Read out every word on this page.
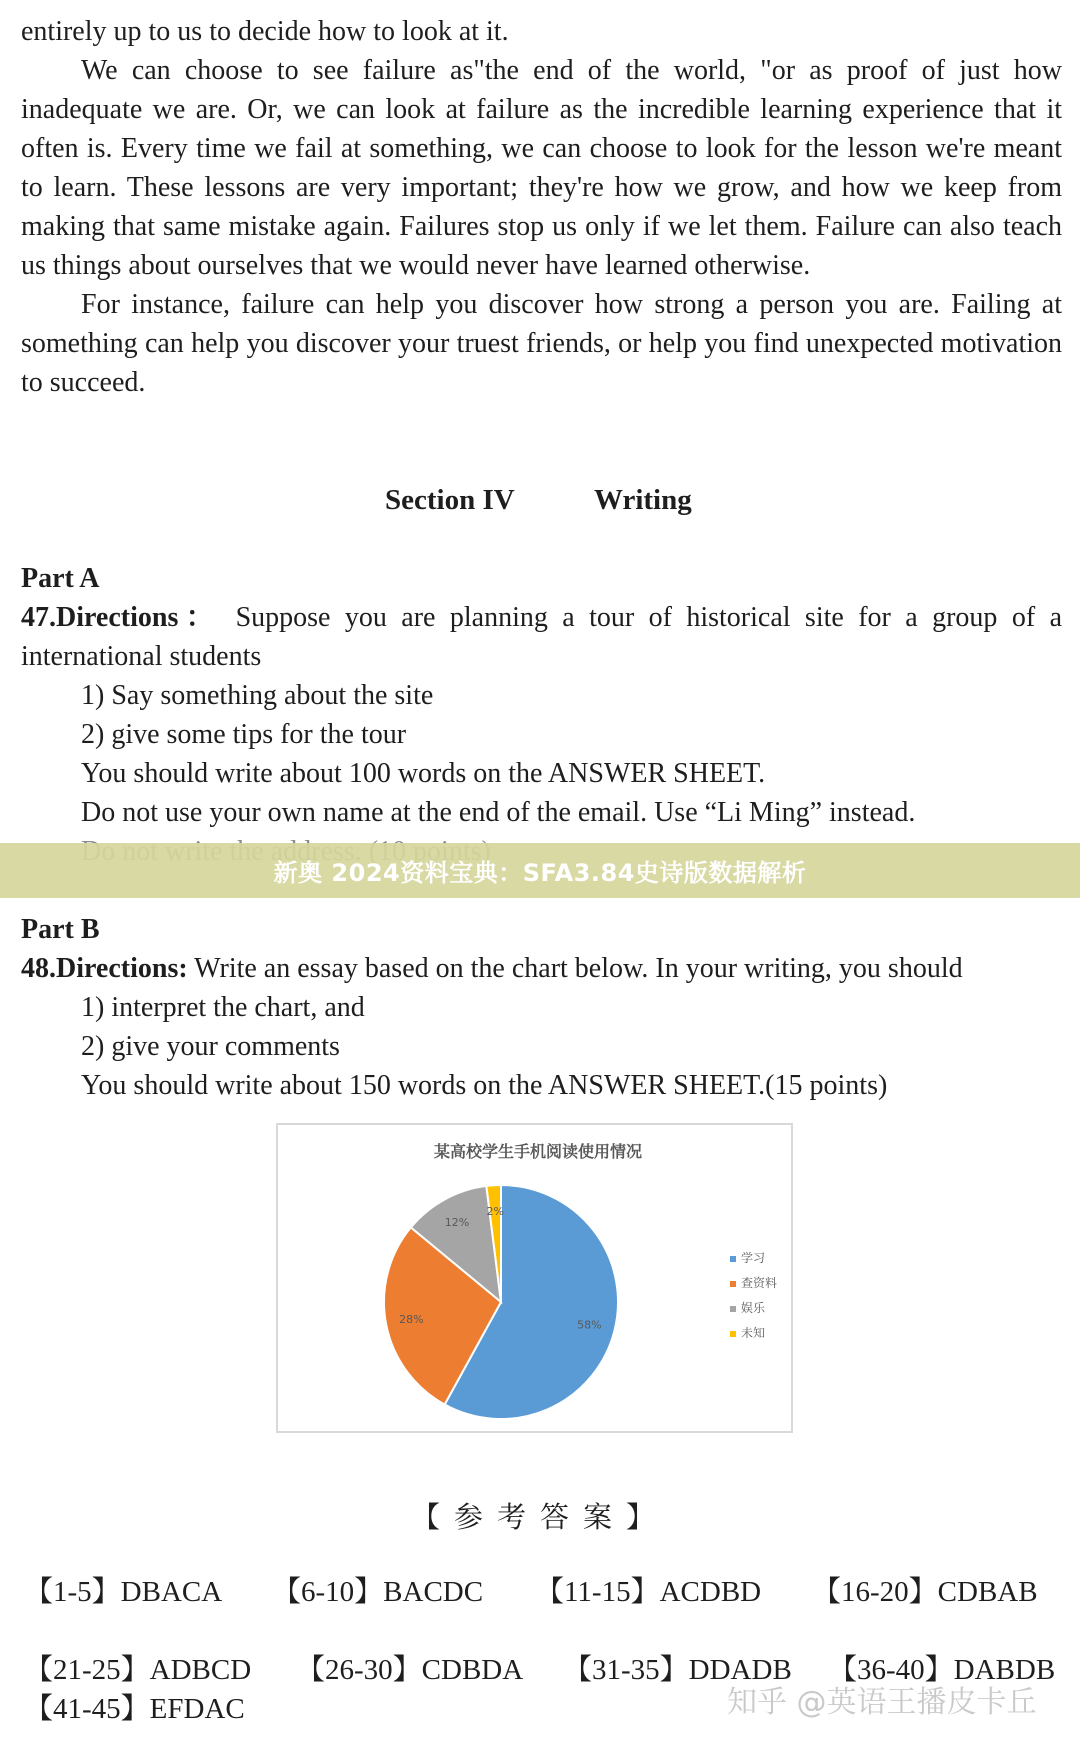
entirely up to us to decide how to look at it.

We can choose to see failure as"the end of the world, "or as proof of just how inadequate we are. Or, we can look at failure as the incredible learning experience that it often is. Every time we fail at something, we can choose to look for the lesson we're meant to learn. These lessons are very important; they're how we grow, and how we keep from making that same mistake again. Failures stop us only if we let them. Failure can also teach us things about ourselves that we would never have learned otherwise.

For instance, failure can help you discover how strong a person you are. Failing at something can help you discover your truest friends, or help you find unexpected motivation to succeed.

Section IV	Writing
Part A

47.Directions： Suppose you are planning a tour of historical site for a group of a international students

1) Say something about the site
2) give some tips for the tour
You should write about 100 words on the ANSWER SHEET.
Do not use your own name at the end of the email. Use “Li Ming” instead.
新奥 2024资料宝典：SFA3.84史诗版数据解析
Part B
48.Directions: Write an essay based on the chart below. In your writing, you should
1) interpret the chart, and
2) give your comments
You should write about 150 words on the ANSWER SHEET.(15 points)
某高校学生手机阅读使用情况
58%
28%
12%
2%
学习
查资料
娱乐
未知
【参考答案】
【1-5】DBACA 【6-10】BACDC 【11-15】ACDBD 【16-20】CDBAB
【21-25】ADBCD 【26-30】CDBDA 【31-35】DDADB 【36-40】DABDB
【41-45】EFDAC	知乎 @英语王播皮卡丘
